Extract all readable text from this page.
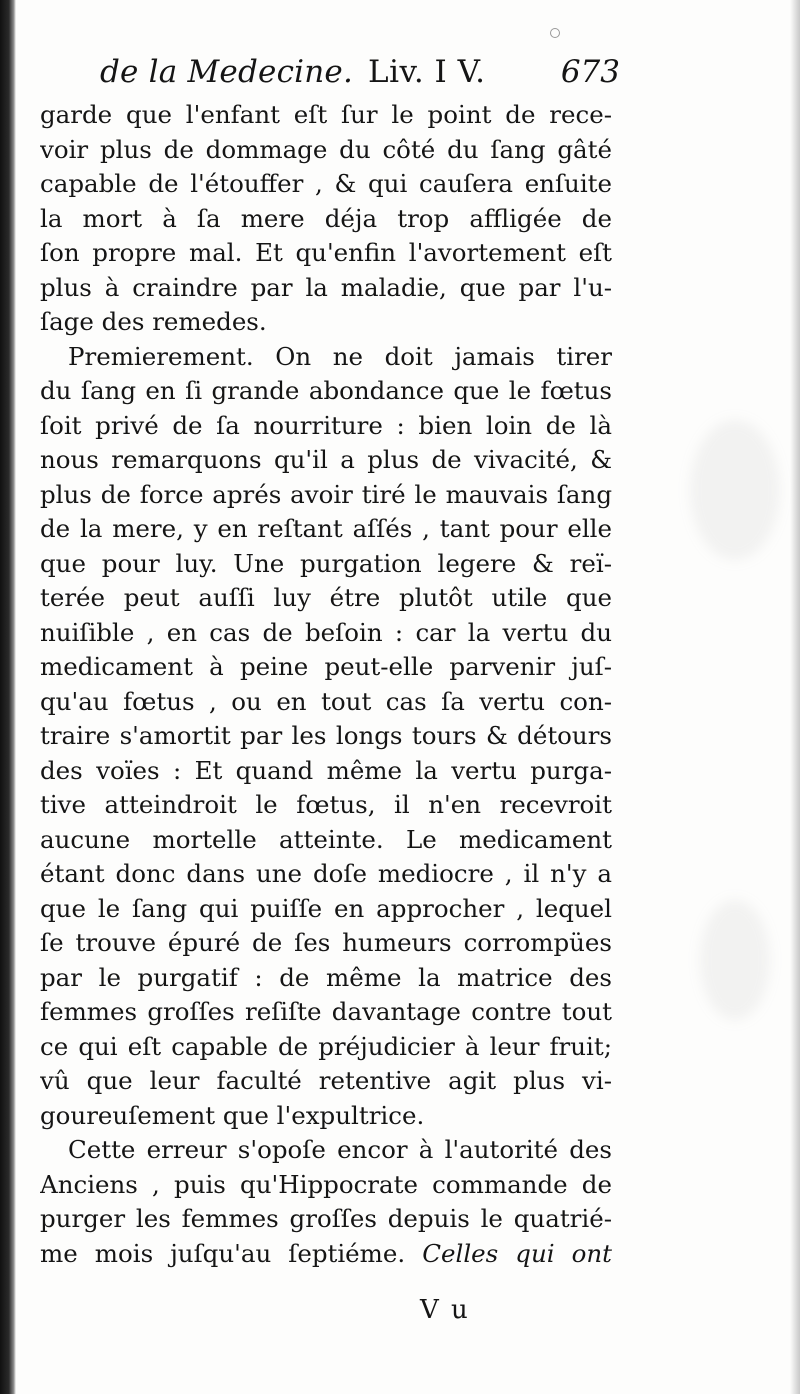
de la Medecine. Liv. I V. 673
garde que l'enfant eſt ſur le point de rece-
voir plus de dommage du côté du ſang gâté
capable de l'étouffer , & qui cauſera enſuite
la mort à ſa mere déja trop affligée de
ſon propre mal. Et qu'enfin l'avortement eſt
plus à craindre par la maladie, que par l'u-
ſage des remedes.
Premierement. On ne doit jamais tirer
du ſang en ſi grande abondance que le fœtus
ſoit privé de ſa nourriture : bien loin de là
nous remarquons qu'il a plus de vivacité, &
plus de force aprés avoir tiré le mauvais ſang
de la mere, y en reſtant aſſés , tant pour elle
que pour luy. Une purgation legere & reï-
terée peut auſſi luy étre plutôt utile que
nuiſible , en cas de beſoin : car la vertu du
medicament à peine peut-elle parvenir juſ-
qu'au fœtus , ou en tout cas ſa vertu con-
traire s'amortit par les longs tours & détours
des voïes : Et quand même la vertu purga-
tive atteindroit le fœtus, il n'en recevroit
aucune mortelle atteinte. Le medicament
étant donc dans une doſe mediocre , il n'y a
que le ſang qui puiſſe en approcher , lequel
ſe trouve épuré de ſes humeurs corrompües
par le purgatif : de même la matrice des
femmes groſſes reſiſte davantage contre tout
ce qui eſt capable de préjudicier à leur fruit;
vû que leur faculté retentive agit plus vi-
goureuſement que l'expultrice.
Cette erreur s'opoſe encor à l'autorité des
Anciens , puis qu'Hippocrate commande de
purger les femmes groſſes depuis le quatrié-
me mois juſqu'au ſeptiéme. Celles qui ont
V u
